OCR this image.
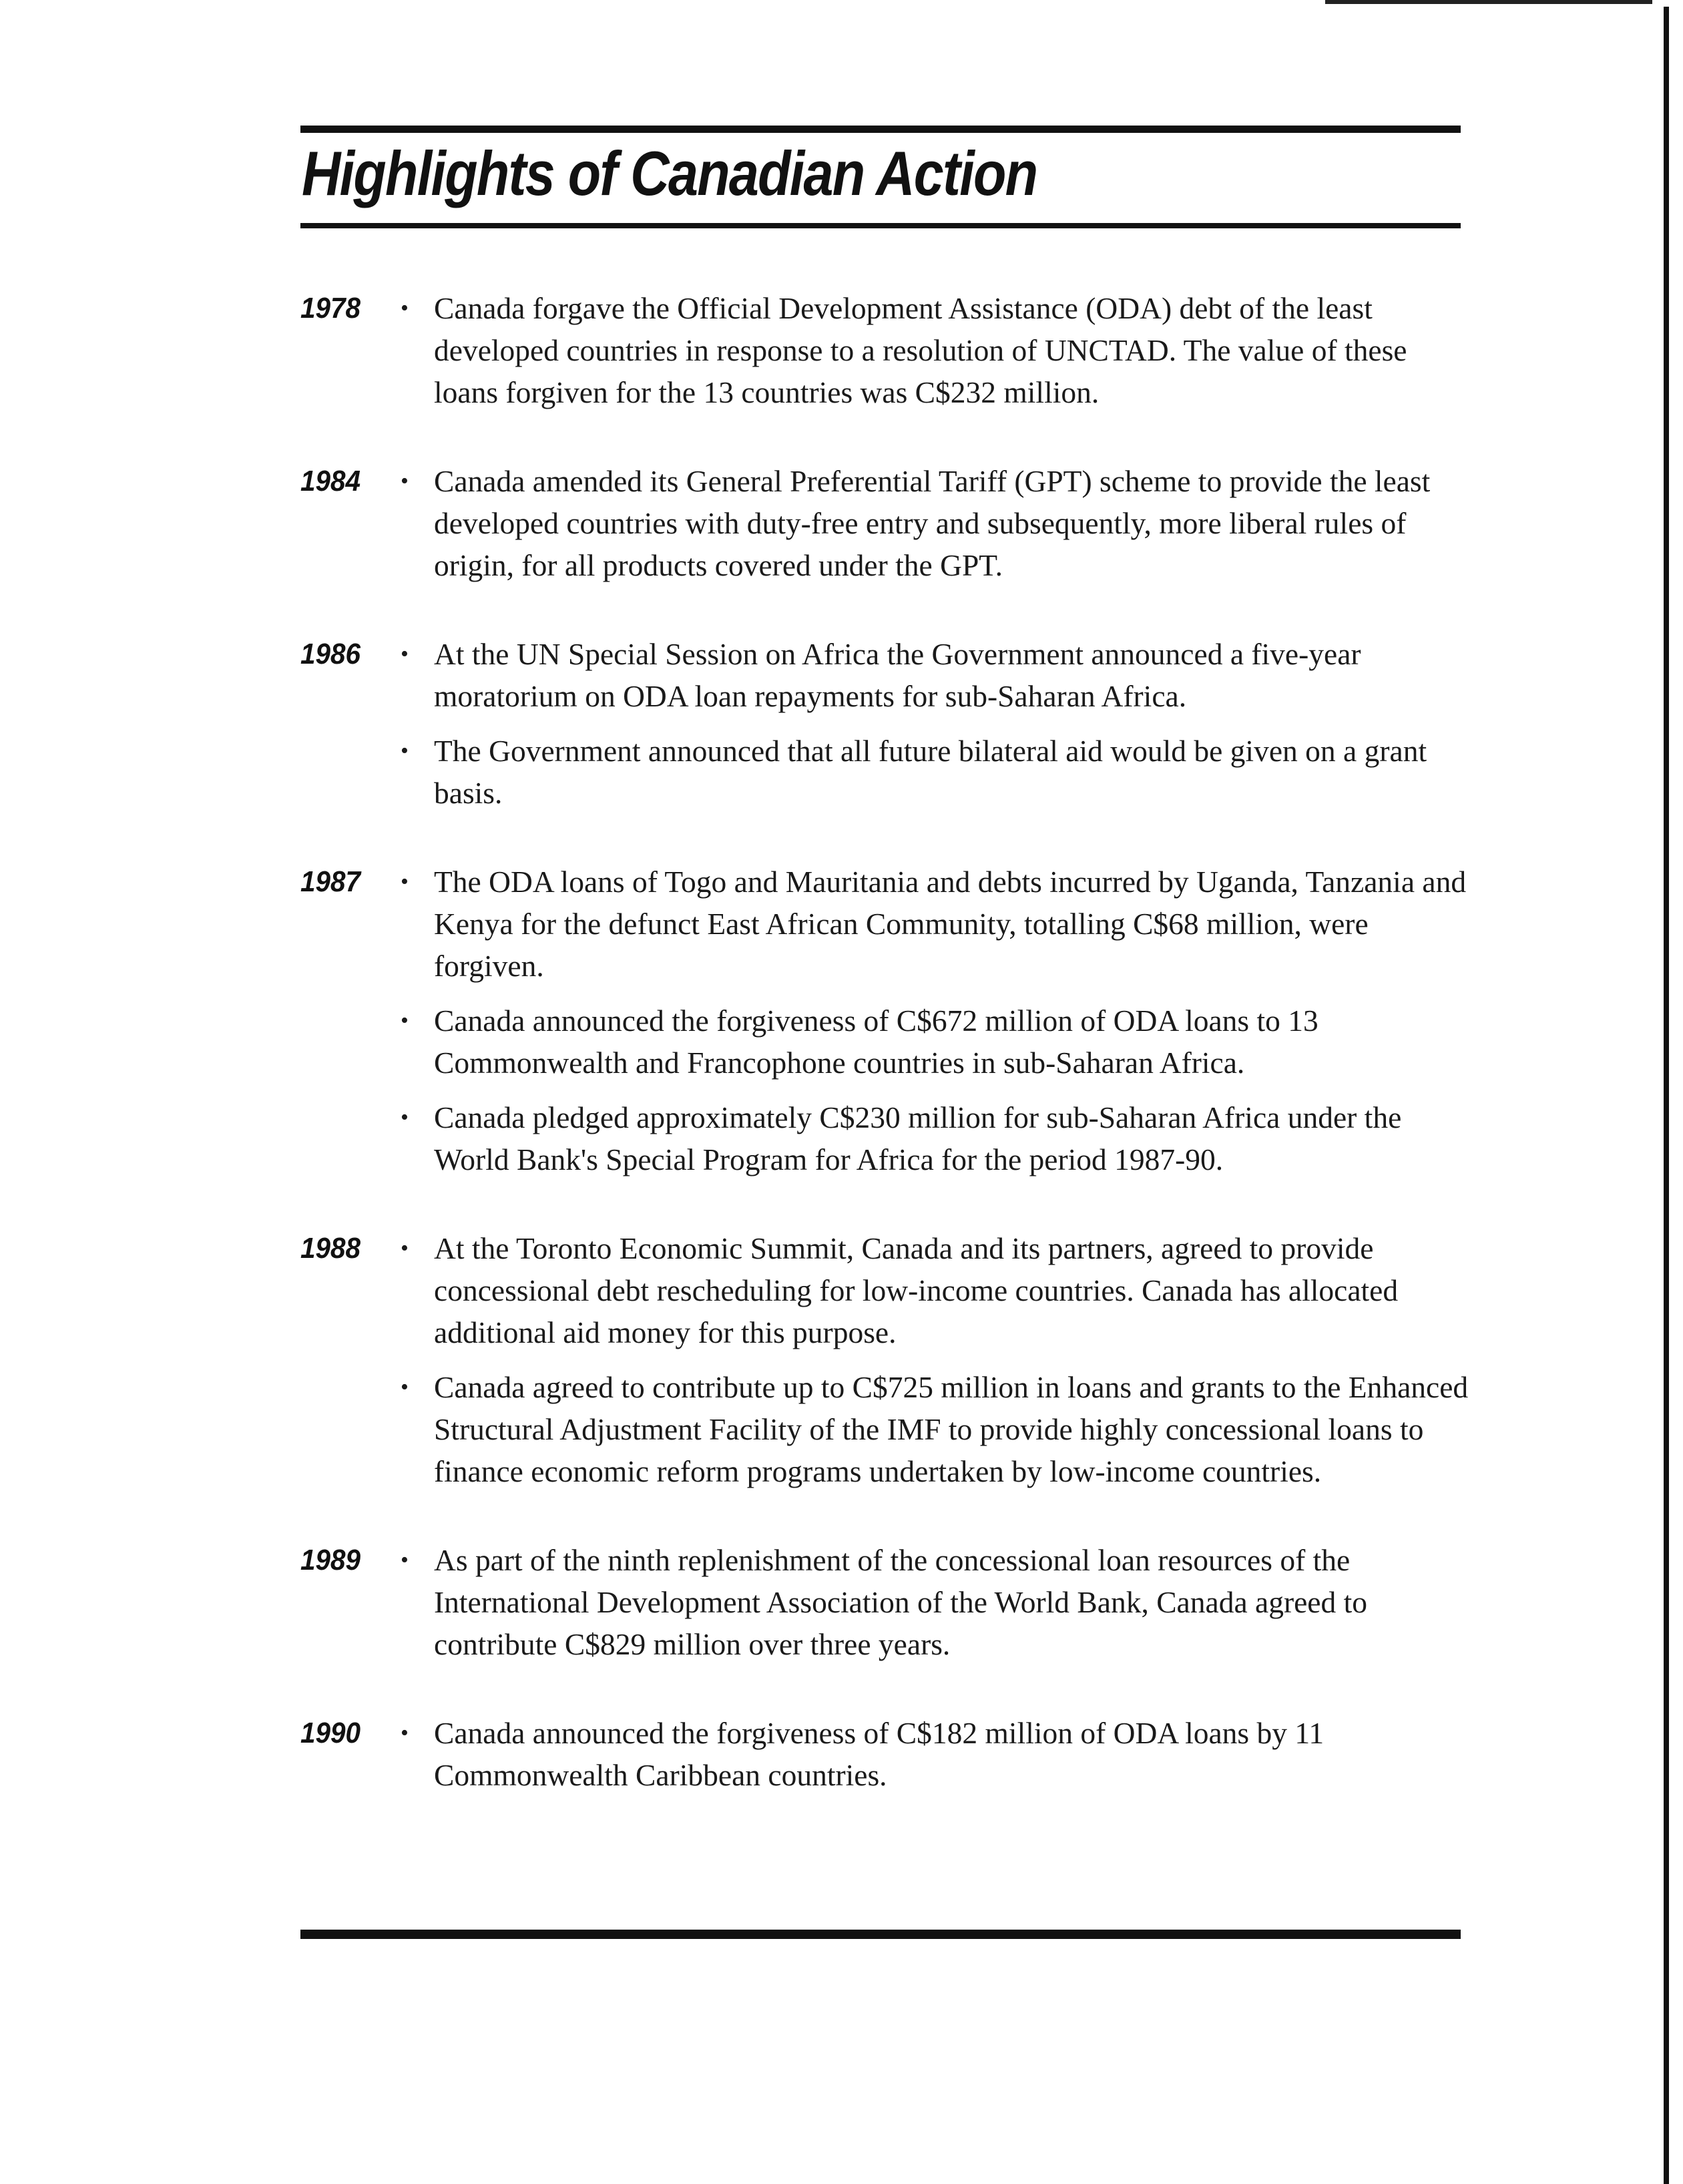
Highlights of Canadian Action
1978 • Canada forgave the Official Development Assistance (ODA) debt of the least developed countries in response to a resolution of UNCTAD. The value of these loans forgiven for the 13 countries was C$232 million.
1984 • Canada amended its General Preferential Tariff (GPT) scheme to provide the least developed countries with duty-free entry and subsequently, more liberal rules of origin, for all products covered under the GPT.
1986 • At the UN Special Session on Africa the Government announced a five-year moratorium on ODA loan repayments for sub-Saharan Africa.
• The Government announced that all future bilateral aid would be given on a grant basis.
1987 • The ODA loans of Togo and Mauritania and debts incurred by Uganda, Tanzania and Kenya for the defunct East African Community, totalling C$68 million, were forgiven.
• Canada announced the forgiveness of C$672 million of ODA loans to 13 Commonwealth and Francophone countries in sub-Saharan Africa.
• Canada pledged approximately C$230 million for sub-Saharan Africa under the World Bank's Special Program for Africa for the period 1987-90.
1988 • At the Toronto Economic Summit, Canada and its partners, agreed to provide concessional debt rescheduling for low-income countries. Canada has allocated additional aid money for this purpose.
• Canada agreed to contribute up to C$725 million in loans and grants to the Enhanced Structural Adjustment Facility of the IMF to provide highly concessional loans to finance economic reform programs undertaken by low-income countries.
1989 • As part of the ninth replenishment of the concessional loan resources of the International Development Association of the World Bank, Canada agreed to contribute C$829 million over three years.
1990 • Canada announced the forgiveness of C$182 million of ODA loans by 11 Commonwealth Caribbean countries.
